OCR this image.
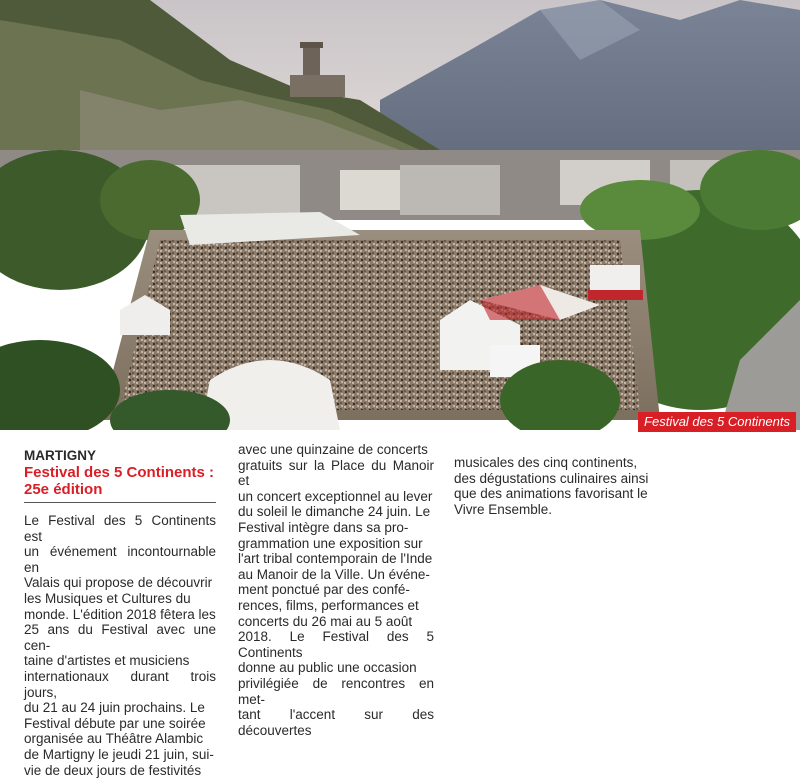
Festival des 5 Continents

MARTIGNY

Festival des 5 Continents :

25e édition

Le Festival des 5 Continents est
un événement incontournable en
Valais qui propose de découvrir
les Musiques et Cultures du
monde. L'édition 2018 fêtera les
25 ans du Festival avec une cen-
taine d'artistes et musiciens
internationaux durant trois jours,
du 21 au 24 juin prochains. Le
Festival débute par une soirée
organisée au Théâtre Alambic
de Martigny le jeudi 21 juin, sui-
vie de deux jours de festivités

avec une quinzaine de concerts
gratuits sur la Place du Manoir et
un concert exceptionnel au lever
du soleil le dimanche 24 juin. Le
Festival intègre dans sa pro-
grammation une exposition sur
l'art tribal contemporain de l'Inde
au Manoir de la Ville. Un événe-
ment ponctué par des confé-
rences, films, performances et
concerts du 26 mai au 5 août
2018. Le Festival des 5 Continents
donne au public une occasion
privilégiée de rencontres en met-
tant l'accent sur des découvertes

musicales des cinq continents,
des dégustations culinaires ainsi
que des animations favorisant le
Vivre Ensemble.
